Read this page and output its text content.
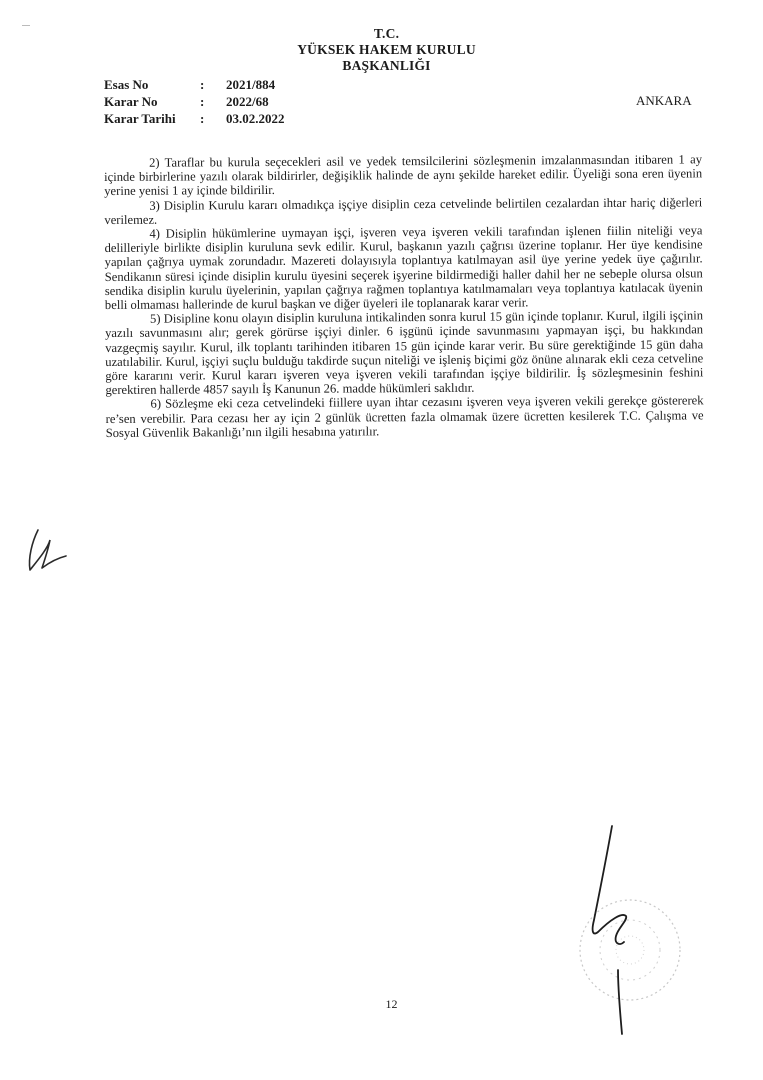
T.C.
YÜKSEK HAKEM KURULU
BAŞKANLIĞI
Esas No	:	2021/884
Karar No	:	2022/68
Karar Tarihi	:	03.02.2022
ANKARA

2) Taraflar bu kurula seçecekleri asil ve yedek temsilcilerini sözleşmenin imzalanmasından itibaren 1 ay içinde birbirlerine yazılı olarak bildirirler, değişiklik halinde de aynı şekilde hareket edilir. Üyeliği sona eren üyenin yerine yenisi 1 ay içinde bildirilir.

3) Disiplin Kurulu kararı olmadıkça işçiye disiplin ceza cetvelinde belirtilen cezalardan ihtar hariç diğerleri verilemez.

4) Disiplin hükümlerine uymayan işçi, işveren veya işveren vekili tarafından işlenen fiilin niteliği veya delilleriyle birlikte disiplin kuruluna sevk edilir. Kurul, başkanın yazılı çağrısı üzerine toplanır. Her üye kendisine yapılan çağrıya uymak zorundadır. Mazereti dolayısıyla toplantıya katılmayan asil üye yerine yedek üye çağırılır. Sendikanın süresi içinde disiplin kurulu üyesini seçerek işyerine bildirmediği haller dahil her ne sebeple olursa olsun sendika disiplin kurulu üyelerinin, yapılan çağrıya rağmen toplantıya katılmamaları veya toplantıya katılacak üyenin belli olmaması hallerinde de kurul başkan ve diğer üyeleri ile toplanarak karar verir.

5) Disipline konu olayın disiplin kuruluna intikalinden sonra kurul 15 gün içinde toplanır. Kurul, ilgili işçinin yazılı savunmasını alır; gerek görürse işçiyi dinler. 6 işgünü içinde savunmasını yapmayan işçi, bu hakkından vazgeçmiş sayılır. Kurul, ilk toplantı tarihinden itibaren 15 gün içinde karar verir. Bu süre gerektiğinde 15 gün daha uzatılabilir. Kurul, işçiyi suçlu bulduğu takdirde suçun niteliği ve işleniş biçimi göz önüne alınarak ekli ceza cetveline göre kararını verir. Kurul kararı işveren veya işveren vekili tarafından işçiye bildirilir. İş sözleşmesinin feshini gerektiren hallerde 4857 sayılı İş Kanunun 26. madde hükümleri saklıdır.

6) Sözleşme eki ceza cetvelindeki fiillere uyan ihtar cezasını işveren veya işveren vekili gerekçe göstererek re’sen verebilir. Para cezası her ay için 2 günlük ücretten fazla olmamak üzere ücretten kesilerek T.C. Çalışma ve Sosyal Güvenlik Bakanlığı’nın ilgili hesabına yatırılır.

12
